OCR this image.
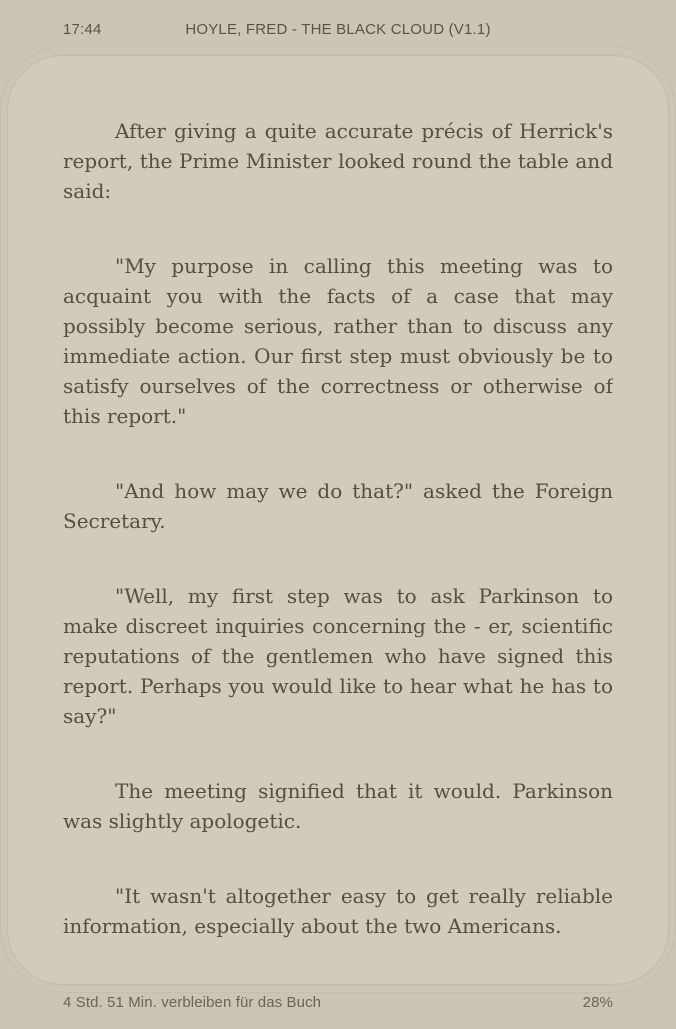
17:44	HOYLE, FRED - THE BLACK CLOUD (V1.1)

After giving a quite accurate précis of Herrick's report, the Prime Minister looked round the table and said:

"My purpose in calling this meeting was to acquaint you with the facts of a case that may possibly become serious, rather than to discuss any immediate action. Our first step must obviously be to satisfy ourselves of the correctness or otherwise of this report."

"And how may we do that?" asked the Foreign Secretary.

"Well, my first step was to ask Parkinson to make discreet inquiries concerning the - er, scientific reputations of the gentlemen who have signed this report. Perhaps you would like to hear what he has to say?"

The meeting signified that it would. Parkinson was slightly apologetic.

"It wasn't altogether easy to get really reliable information, especially about the two Americans.

4 Std. 51 Min. verbleiben für das Buch	28%
